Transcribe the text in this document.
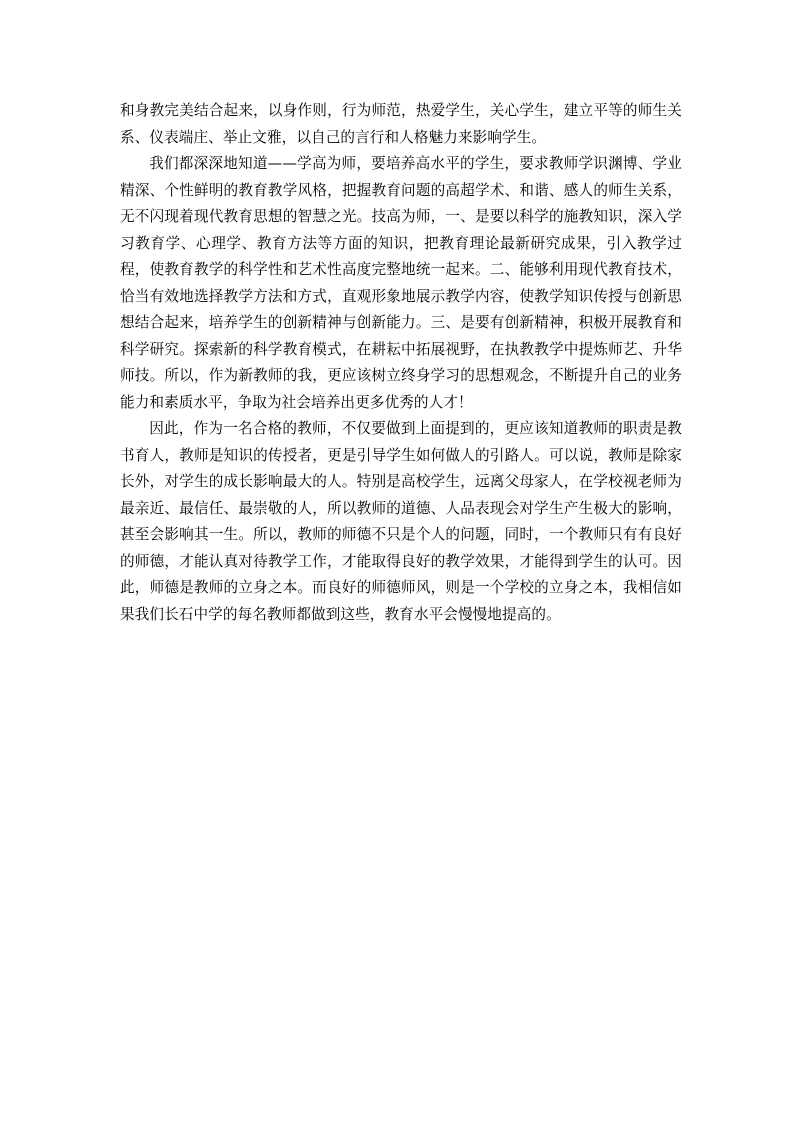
和身教完美结合起来，以身作则，行为师范，热爱学生，关心学生，建立平等的师生关系、仪表端庄、举止文雅，以自己的言行和人格魅力来影响学生。

我们都深深地知道——学高为师，要培养高水平的学生，要求教师学识渊博、学业精深、个性鲜明的教育教学风格，把握教育问题的高超学术、和谐、感人的师生关系，无不闪现着现代教育思想的智慧之光。技高为师，一、是要以科学的施教知识，深入学习教育学、心理学、教育方法等方面的知识，把教育理论最新研究成果，引入教学过程，使教育教学的科学性和艺术性高度完整地统一起来。二、能够利用现代教育技术，恰当有效地选择教学方法和方式，直观形象地展示教学内容，使教学知识传授与创新思想结合起来，培养学生的创新精神与创新能力。三、是要有创新精神，积极开展教育和科学研究。探索新的科学教育模式，在耕耘中拓展视野，在执教教学中提炼师艺、升华师技。所以，作为新教师的我，更应该树立终身学习的思想观念，不断提升自己的业务能力和素质水平，争取为社会培养出更多优秀的人才！

因此，作为一名合格的教师，不仅要做到上面提到的，更应该知道教师的职责是教书育人，教师是知识的传授者，更是引导学生如何做人的引路人。可以说，教师是除家长外，对学生的成长影响最大的人。特别是高校学生，远离父母家人，在学校视老师为最亲近、最信任、最崇敬的人，所以教师的道德、人品表现会对学生产生极大的影响，甚至会影响其一生。所以，教师的师德不只是个人的问题，同时，一个教师只有有良好的师德，才能认真对待教学工作，才能取得良好的教学效果，才能得到学生的认可。因此，师德是教师的立身之本。而良好的师德师风，则是一个学校的立身之本，我相信如果我们长石中学的每名教师都做到这些，教育水平会慢慢地提高的。
